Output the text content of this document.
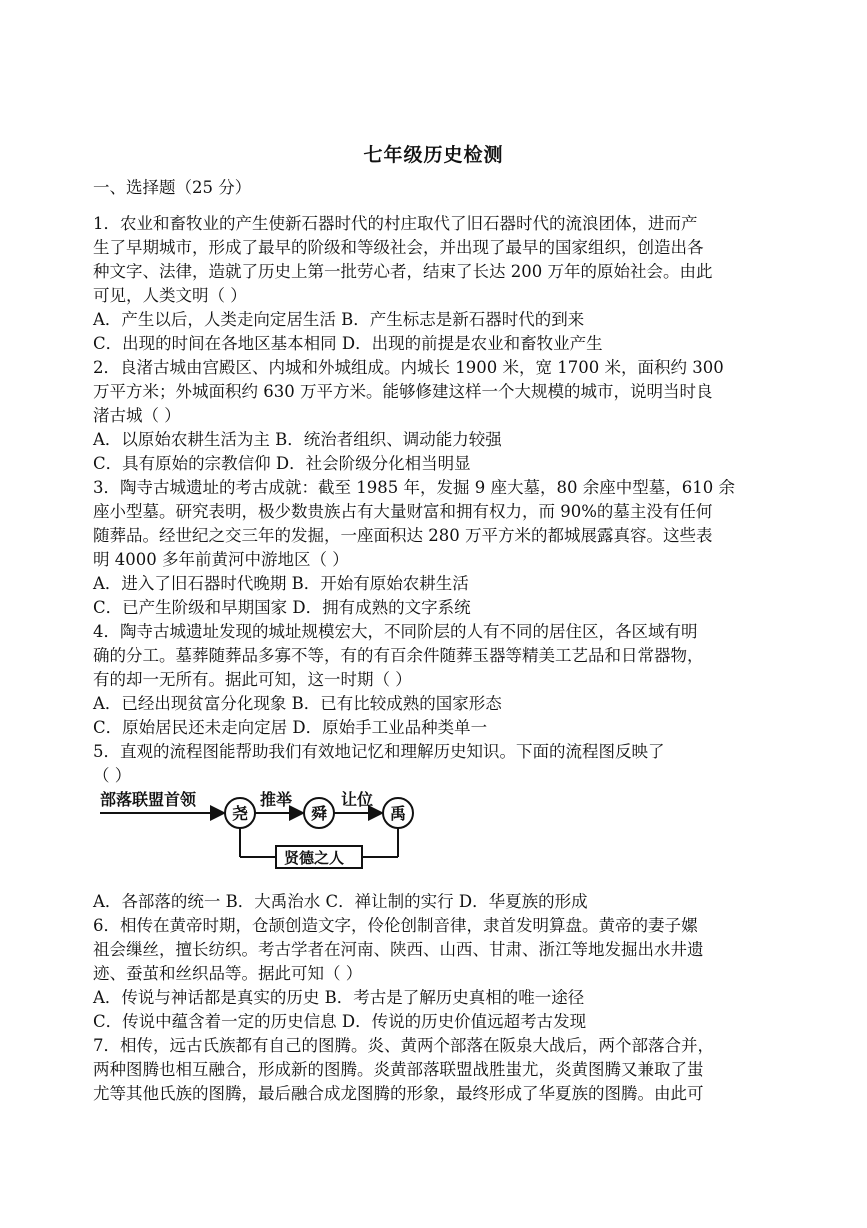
七年级历史检测
一、选择题（25 分）
1．农业和畜牧业的产生使新石器时代的村庄取代了旧石器时代的流浪团体，进而产
生了早期城市，形成了最早的阶级和等级社会，并出现了最早的国家组织，创造出各
种文字、法律，造就了历史上第一批劳心者，结束了长达 200 万年的原始社会。由此
可见，人类文明（ ）
A．产生以后，人类走向定居生活 B．产生标志是新石器时代的到来
C．出现的时间在各地区基本相同 D．出现的前提是农业和畜牧业产生
2．良渚古城由宫殿区、内城和外城组成。内城长 1900 米，宽 1700 米，面积约 300
万平方米；外城面积约 630 万平方米。能够修建这样一个大规模的城市，说明当时良
渚古城（ ）
A．以原始农耕生活为主 B．统治者组织、调动能力较强
C．具有原始的宗教信仰 D．社会阶级分化相当明显
3．陶寺古城遗址的考古成就：截至 1985 年，发掘 9 座大墓，80 余座中型墓，610 余
座小型墓。研究表明，极少数贵族占有大量财富和拥有权力，而 90%的墓主没有任何
随葬品。经世纪之交三年的发掘，一座面积达 280 万平方米的都城展露真容。这些表
明 4000 多年前黄河中游地区（ ）
A．进入了旧石器时代晚期 B．开始有原始农耕生活
C．已产生阶级和早期国家 D．拥有成熟的文字系统
4．陶寺古城遗址发现的城址规模宏大，不同阶层的人有不同的居住区，各区域有明
确的分工。墓葬随葬品多寡不等，有的有百余件随葬玉器等精美工艺品和日常器物，
有的却一无所有。据此可知，这一时期（ ）
A．已经出现贫富分化现象 B．已有比较成熟的国家形态
C．原始居民还未走向定居 D．原始手工业品种类单一
5．直观的流程图能帮助我们有效地记忆和理解历史知识。下面的流程图反映了
（ ）
A．各部落的统一 B．大禹治水 C．禅让制的实行 D．华夏族的形成
6．相传在黄帝时期，仓颉创造文字，伶伦创制音律，隶首发明算盘。黄帝的妻子嫘
祖会缫丝，擅长纺织。考古学者在河南、陕西、山西、甘肃、浙江等地发掘出水井遗
迹、蚕茧和丝织品等。据此可知（ ）
A．传说与神话都是真实的历史 B．考古是了解历史真相的唯一途径
C．传说中蕴含着一定的历史信息 D．传说的历史价值远超考古发现
7．相传，远古氏族都有自己的图腾。炎、黄两个部落在阪泉大战后，两个部落合并，
两种图腾也相互融合，形成新的图腾。炎黄部落联盟战胜蚩尤，炎黄图腾又兼取了蚩
尤等其他氏族的图腾，最后融合成龙图腾的形象，最终形成了华夏族的图腾。由此可
部落联盟首领
尧
推举
舜
让位
禹
贤德之人
